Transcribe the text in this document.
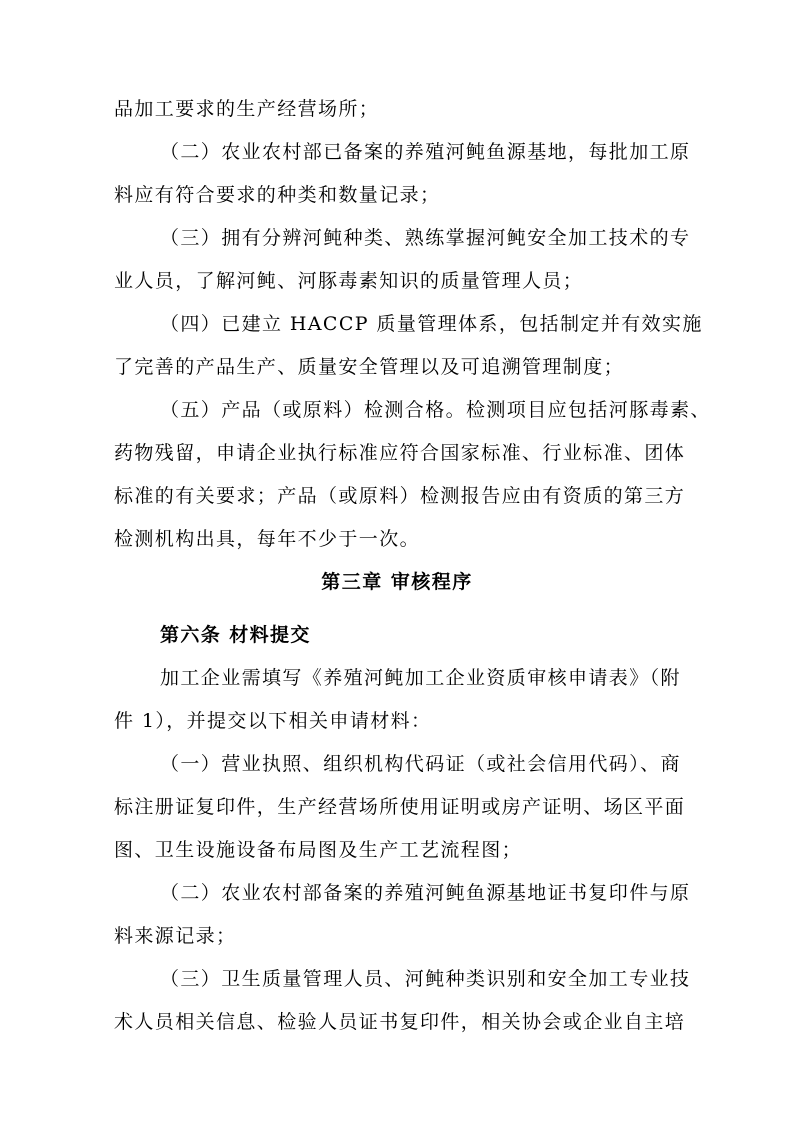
品加工要求的生产经营场所；
（二）农业农村部已备案的养殖河鲀鱼源基地，每批加工原
料应有符合要求的种类和数量记录；
（三）拥有分辨河鲀种类、熟练掌握河鲀安全加工技术的专
业人员，了解河鲀、河豚毒素知识的质量管理人员；
（四）已建立 HACCP 质量管理体系，包括制定并有效实施
了完善的产品生产、质量安全管理以及可追溯管理制度；
（五）产品（或原料）检测合格。检测项目应包括河豚毒素、
药物残留，申请企业执行标准应符合国家标准、行业标准、团体
标准的有关要求；产品（或原料）检测报告应由有资质的第三方
检测机构出具，每年不少于一次。
第三章 审核程序
第六条 材料提交
加工企业需填写《养殖河鲀加工企业资质审核申请表》（附
件 1），并提交以下相关申请材料：
（一）营业执照、组织机构代码证（或社会信用代码）、商
标注册证复印件，生产经营场所使用证明或房产证明、场区平面
图、卫生设施设备布局图及生产工艺流程图；
（二）农业农村部备案的养殖河鲀鱼源基地证书复印件与原
料来源记录；
（三）卫生质量管理人员、河鲀种类识别和安全加工专业技
术人员相关信息、检验人员证书复印件，相关协会或企业自主培
